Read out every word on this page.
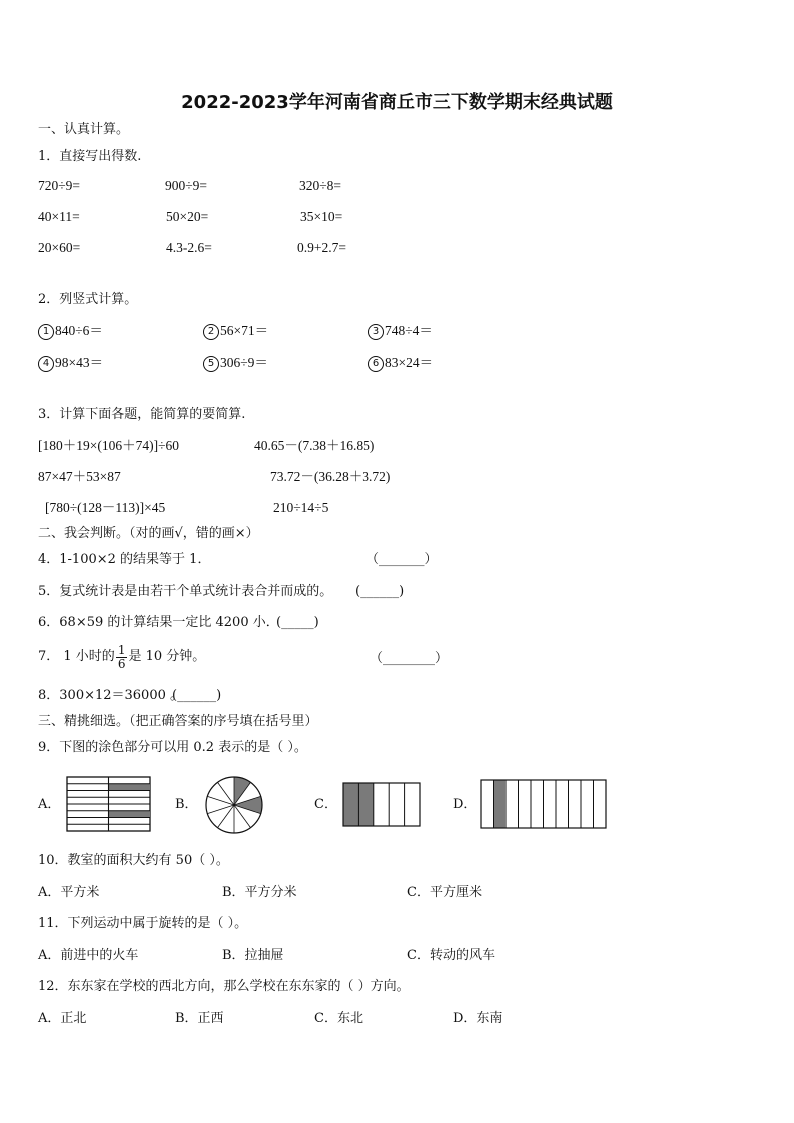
2022-2023学年河南省商丘市三下数学期末经典试题
一、认真计算。
1．直接写出得数.
720÷9=	900÷9=	320÷8=
40×11=	50×20=	35×10=
20×60=	4.3-2.6=	0.9+2.7=
2．列竖式计算。
1 840÷6＝	2 56×71＝	3 748÷4＝
4 98×43＝	5 306÷9＝	6 83×24＝
3．计算下面各题，能简算的要简算.
[180＋19×(106＋74)]÷60	40.65－(7.38＋16.85)
87×47＋53×87	73.72－(36.28＋3.72)
[780÷(128－113)]×45	210÷14÷5
二、我会判断。（对的画√，错的画×）
4．1-100×2 的结果等于 1．	（_______）
5．复式统计表是由若干个单式统计表合并而成的。 (______)
6．68×59 的计算结果一定比 4200 小．
(_____)
7． 1 小时的 $\frac{1}{6}$ 是 10 分钟。	（________）
8．300×12＝36000 。
(______)
三、精挑细选。（把正确答案的序号填在括号里）
9．下图的涂色部分可以用 0.2 表示的是（ ）。
A．	B．	C．	D．
10．教室的面积大约有 50（ ）。
A．平方米	B．平方分米	C．平方厘米
11．下列运动中属于旋转的是（ ）。
A．前进中的火车	B．拉抽屉	C．转动的风车
12．东东家在学校的西北方向，那么学校在东东家的（ ）方向。
A．正北	B．正西	C．东北	D．东南
